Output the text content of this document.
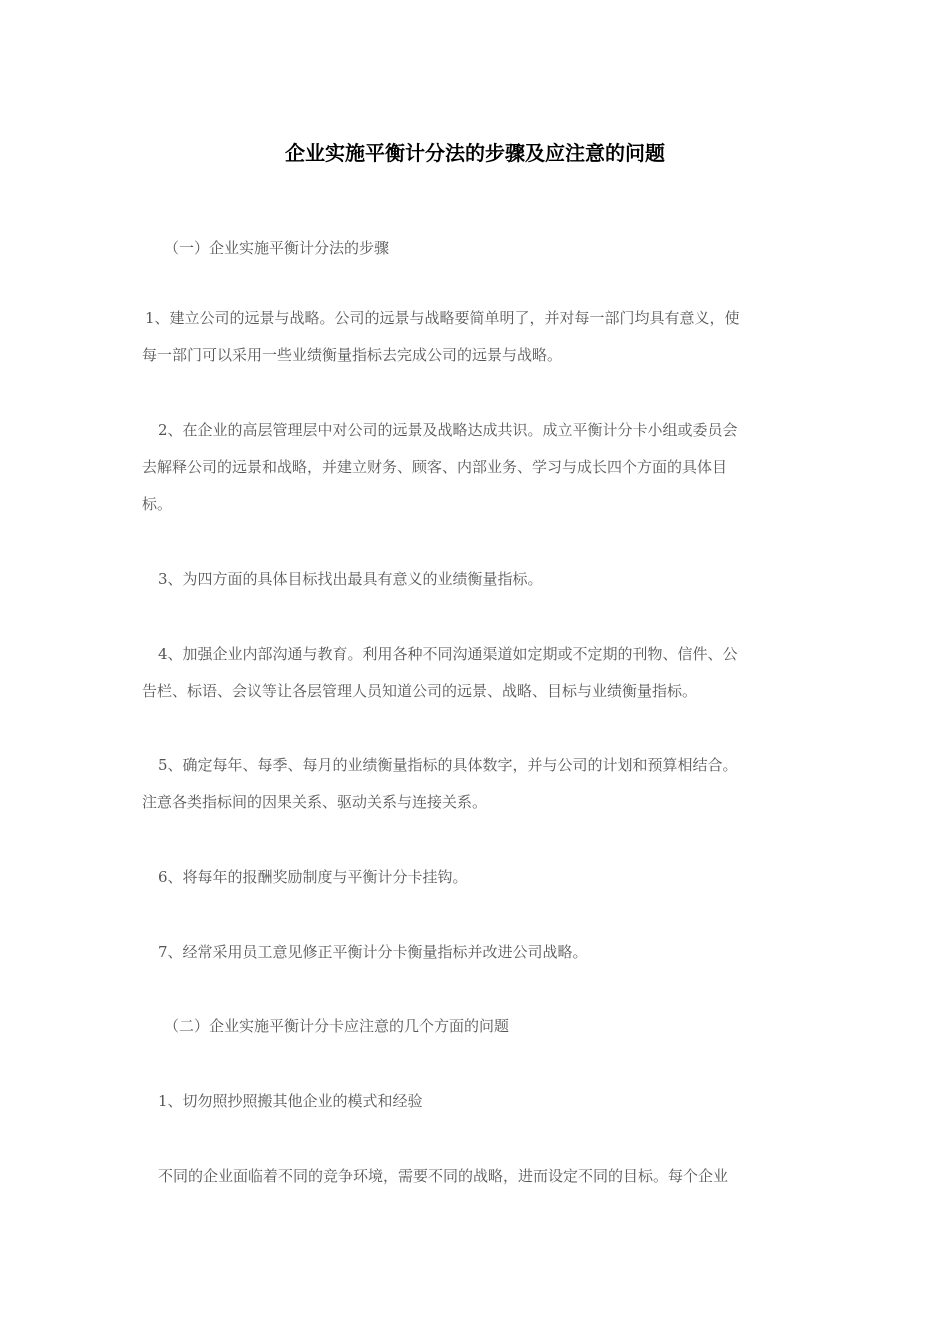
企业实施平衡计分法的步骤及应注意的问题
（一）企业实施平衡计分法的步骤
1、建立公司的远景与战略。公司的远景与战略要简单明了，并对每一部门均具有意义，使
每一部门可以采用一些业绩衡量指标去完成公司的远景与战略。
2、在企业的高层管理层中对公司的远景及战略达成共识。成立平衡计分卡小组或委员会
去解释公司的远景和战略，并建立财务、顾客、内部业务、学习与成长四个方面的具体目
标。
3、为四方面的具体目标找出最具有意义的业绩衡量指标。
4、加强企业内部沟通与教育。利用各种不同沟通渠道如定期或不定期的刊物、信件、公
告栏、标语、会议等让各层管理人员知道公司的远景、战略、目标与业绩衡量指标。
5、确定每年、每季、每月的业绩衡量指标的具体数字，并与公司的计划和预算相结合。
注意各类指标间的因果关系、驱动关系与连接关系。
6、将每年的报酬奖励制度与平衡计分卡挂钩。
7、经常采用员工意见修正平衡计分卡衡量指标并改进公司战略。
（二）企业实施平衡计分卡应注意的几个方面的问题
1、切勿照抄照搬其他企业的模式和经验
不同的企业面临着不同的竞争环境，需要不同的战略，进而设定不同的目标。每个企业
